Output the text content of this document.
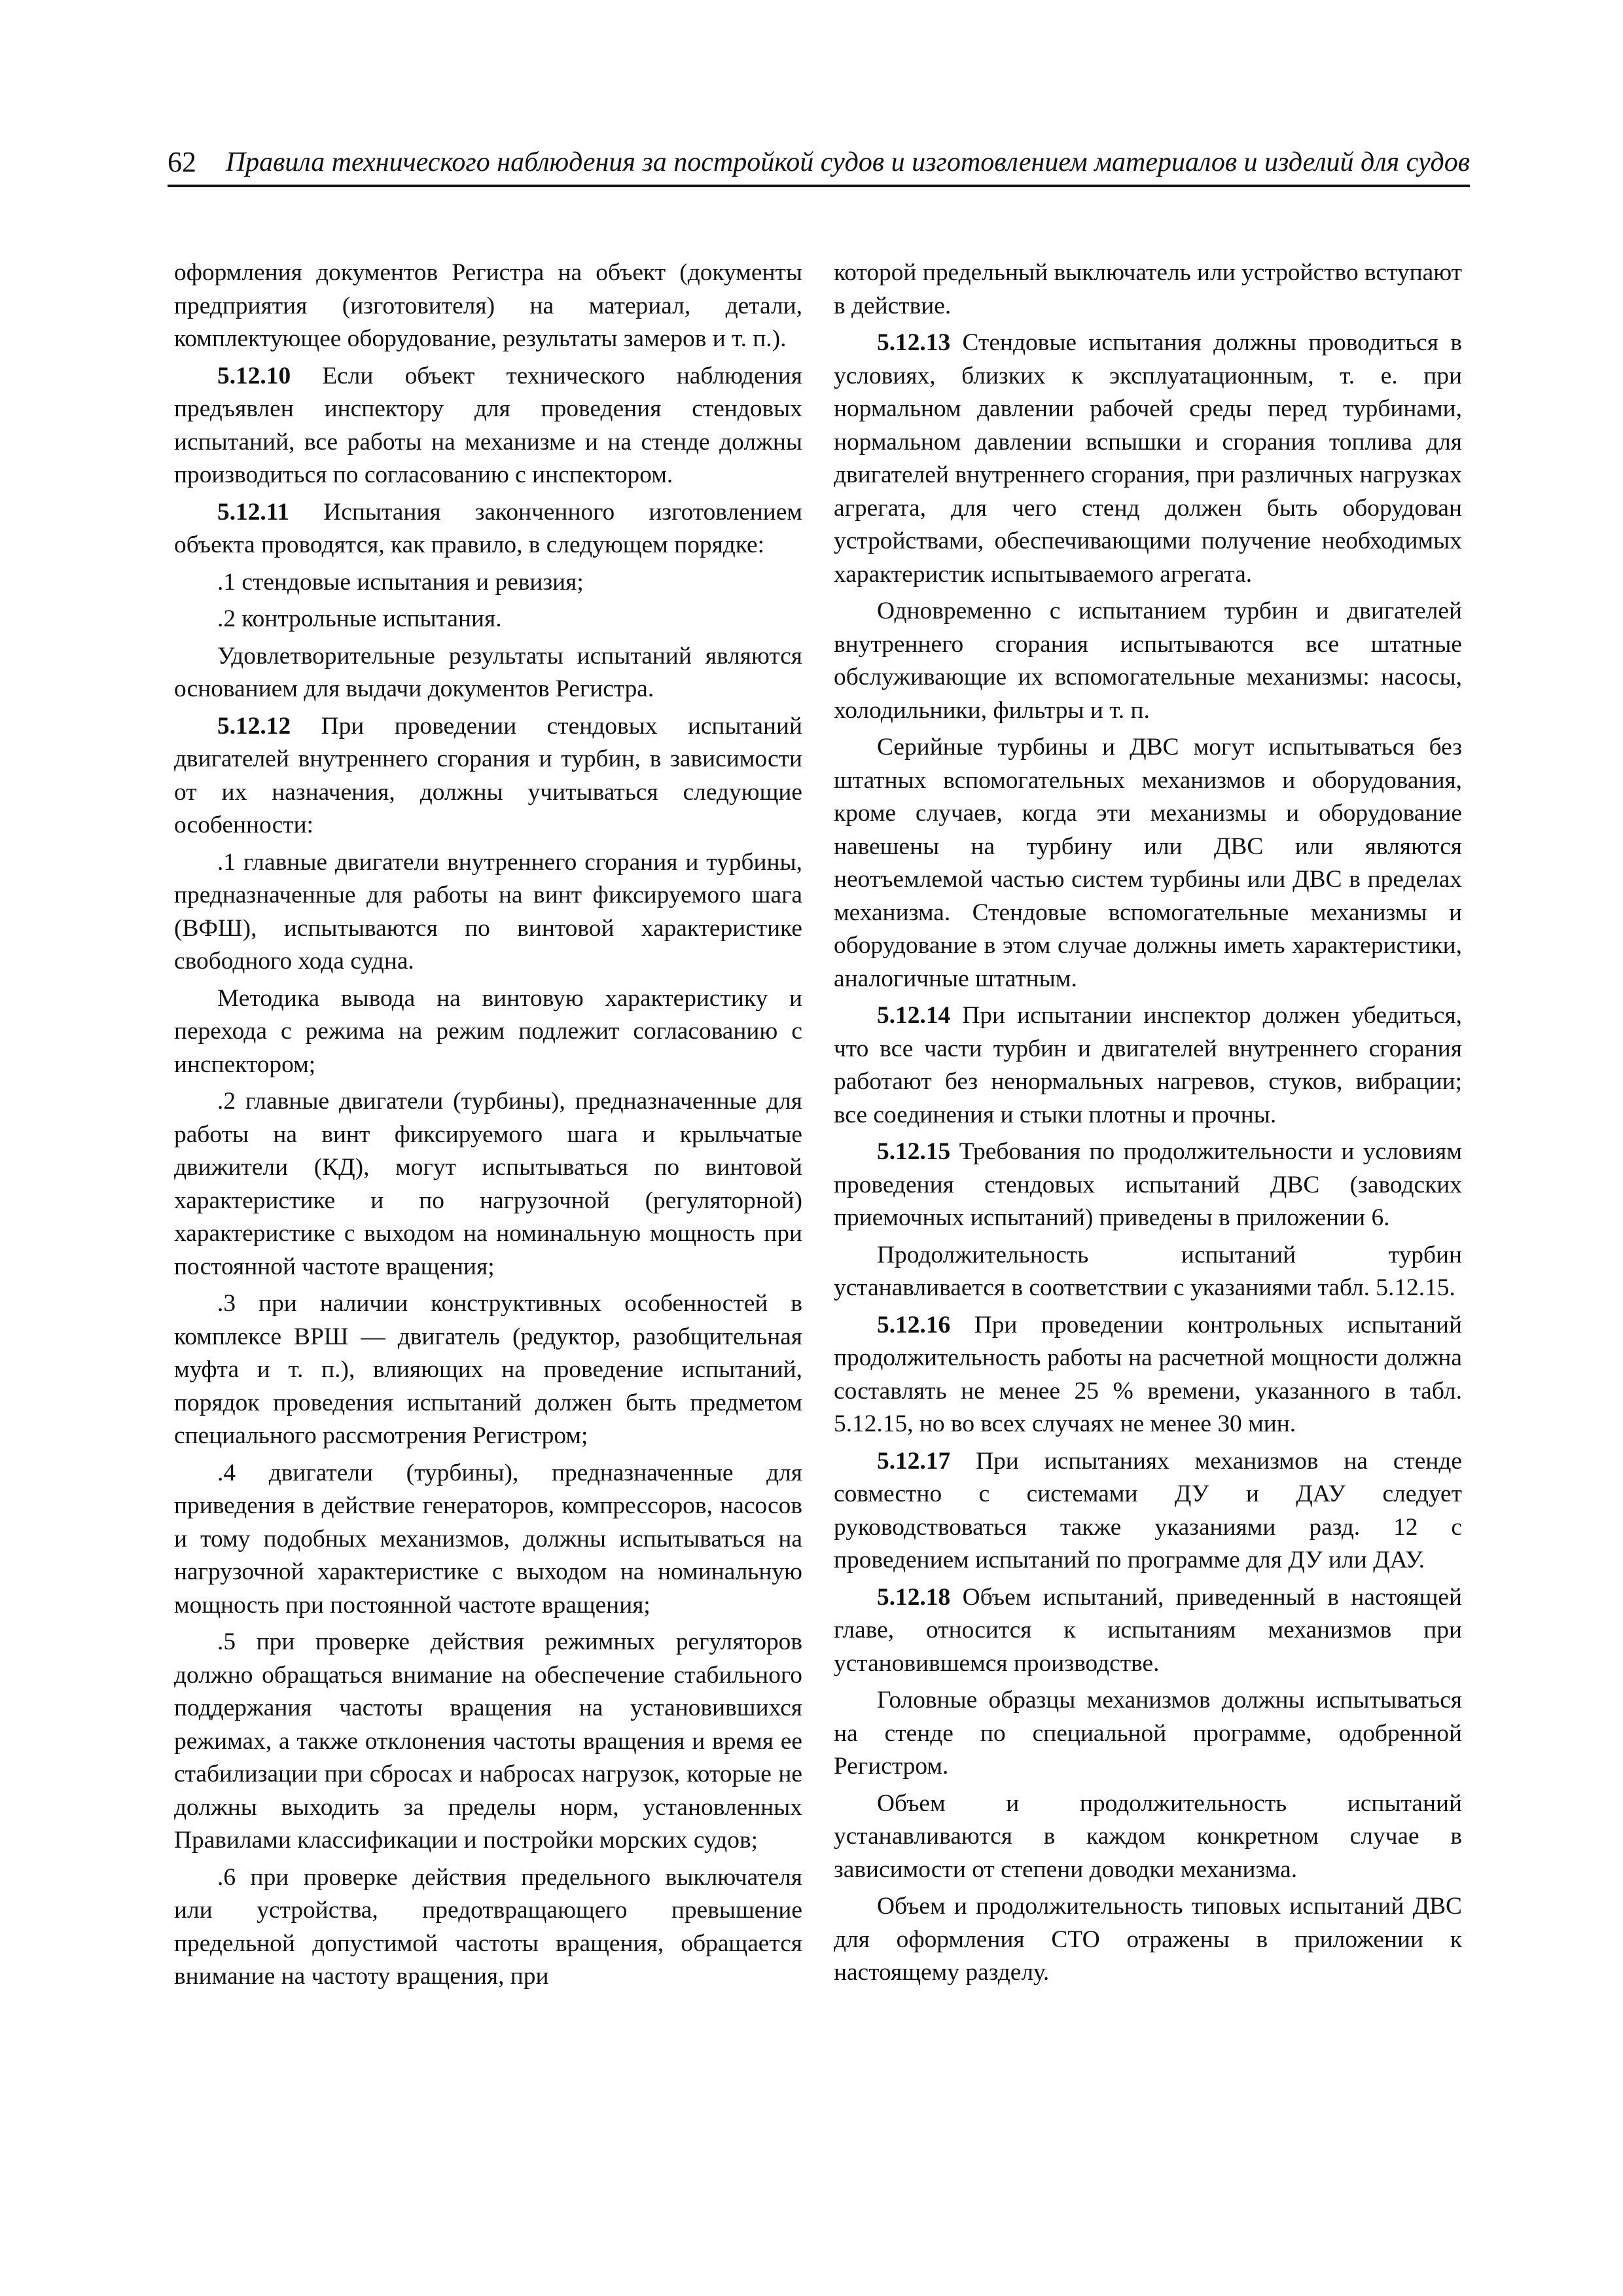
62 Правила технического наблюдения за постройкой судов и изготовлением материалов и изделий для судов

оформления документов Регистра на объект (документы предприятия (изготовителя) на материал, детали, комплектующее оборудование, результаты замеров и т. п.).

5.12.10 Если объект технического наблюдения предъявлен инспектору для проведения стендовых испытаний, все работы на механизме и на стенде должны производиться по согласованию с инспектором.

5.12.11 Испытания законченного изготовлением объекта проводятся, как правило, в следующем порядке:

.1 стендовые испытания и ревизия;

.2 контрольные испытания.

Удовлетворительные результаты испытаний являются основанием для выдачи документов Регистра.

5.12.12 При проведении стендовых испытаний двигателей внутреннего сгорания и турбин, в зависимости от их назначения, должны учитываться следующие особенности:

.1 главные двигатели внутреннего сгорания и турбины, предназначенные для работы на винт фиксируемого шага (ВФШ), испытываются по винтовой характеристике свободного хода судна.

Методика вывода на винтовую характеристику и перехода с режима на режим подлежит согласованию с инспектором;

.2 главные двигатели (турбины), предназначенные для работы на винт фиксируемого шага и крыльчатые движители (КД), могут испытываться по винтовой характеристике и по нагрузочной (регуляторной) характеристике с выходом на номинальную мощность при постоянной частоте вращения;

.3 при наличии конструктивных особенностей в комплексе ВРШ — двигатель (редуктор, разобщительная муфта и т. п.), влияющих на проведение испытаний, порядок проведения испытаний должен быть предметом специального рассмотрения Регистром;

.4 двигатели (турбины), предназначенные для приведения в действие генераторов, компрессоров, насосов и тому подобных механизмов, должны испытываться на нагрузочной характеристике с выходом на номинальную мощность при постоянной частоте вращения;

.5 при проверке действия режимных регуляторов должно обращаться внимание на обеспечение стабильного поддержания частоты вращения на установившихся режимах, а также отклонения частоты вращения и время ее стабилизации при сбросах и набросах нагрузок, которые не должны выходить за пределы норм, установленных Правилами классификации и постройки морских судов;

.6 при проверке действия предельного выключателя или устройства, предотвращающего превышение предельной допустимой частоты вращения, обращается внимание на частоту вращения, при

которой предельный выключатель или устройство вступают в действие.

5.12.13 Стендовые испытания должны проводиться в условиях, близких к эксплуатационным, т. е. при нормальном давлении рабочей среды перед турбинами, нормальном давлении вспышки и сгорания топлива для двигателей внутреннего сгорания, при различных нагрузках агрегата, для чего стенд должен быть оборудован устройствами, обеспечивающими получение необходимых характеристик испытываемого агрегата.

Одновременно с испытанием турбин и двигателей внутреннего сгорания испытываются все штатные обслуживающие их вспомогательные механизмы: насосы, холодильники, фильтры и т. п.

Серийные турбины и ДВС могут испытываться без штатных вспомогательных механизмов и оборудования, кроме случаев, когда эти механизмы и оборудование навешены на турбину или ДВС или являются неотъемлемой частью систем турбины или ДВС в пределах механизма. Стендовые вспомогательные механизмы и оборудование в этом случае должны иметь характеристики, аналогичные штатным.

5.12.14 При испытании инспектор должен убедиться, что все части турбин и двигателей внутреннего сгорания работают без ненормальных нагревов, стуков, вибрации; все соединения и стыки плотны и прочны.

5.12.15 Требования по продолжительности и условиям проведения стендовых испытаний ДВС (заводских приемочных испытаний) приведены в приложении 6.

Продолжительность испытаний турбин устанавливается в соответствии с указаниями табл. 5.12.15.

5.12.16 При проведении контрольных испытаний продолжительность работы на расчетной мощности должна составлять не менее 25 % времени, указанного в табл. 5.12.15, но во всех случаях не менее 30 мин.

5.12.17 При испытаниях механизмов на стенде совместно с системами ДУ и ДАУ следует руководствоваться также указаниями разд. 12 с проведением испытаний по программе для ДУ или ДАУ.

5.12.18 Объем испытаний, приведенный в настоящей главе, относится к испытаниям механизмов при установившемся производстве.

Головные образцы механизмов должны испытываться на стенде по специальной программе, одобренной Регистром.

Объем и продолжительность испытаний устанавливаются в каждом конкретном случае в зависимости от степени доводки механизма.

Объем и продолжительность типовых испытаний ДВС для оформления СТО отражены в приложении к настоящему разделу.
